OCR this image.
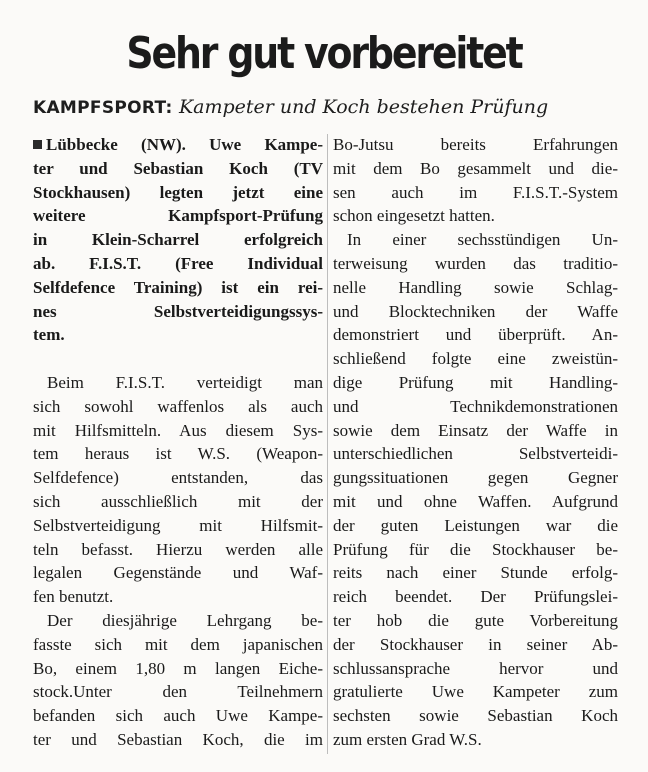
Sehr gut vorbereitet
KAMPFSPORT: Kampeter und Koch bestehen Prüfung
Lübbecke (NW). Uwe Kampe-
ter und Sebastian Koch (TV
Stockhausen) legten jetzt eine
weitere Kampfsport-Prüfung
in Klein-Scharrel erfolgreich
ab. F.I.S.T. (Free Individual
Selfdefence Training) ist ein rei-
nes Selbstverteidigungssys-
tem.
Beim F.I.S.T. verteidigt man
sich sowohl waffenlos als auch
mit Hilfsmitteln. Aus diesem Sys-
tem heraus ist W.S. (Weapon-
Selfdefence) entstanden, das
sich ausschließlich mit der
Selbstverteidigung mit Hilfsmit-
teln befasst. Hierzu werden alle
legalen Gegenstände und Waf-
fen benutzt.
Der diesjährige Lehrgang be-
fasste sich mit dem japanischen
Bo, einem 1,80 m langen Eiche-
stock.Unter den Teilnehmern
befanden sich auch Uwe Kampe-
ter und Sebastian Koch, die im
Bo-Jutsu bereits Erfahrungen
mit dem Bo gesammelt und die-
sen auch im F.I.S.T.-System
schon eingesetzt hatten.
In einer sechsstündigen Un-
terweisung wurden das traditio-
nelle Handling sowie Schlag-
und Blocktechniken der Waffe
demonstriert und überprüft. An-
schließend folgte eine zweistün-
dige Prüfung mit Handling-
und Technikdemonstrationen
sowie dem Einsatz der Waffe in
unterschiedlichen Selbstverteidi-
gungssituationen gegen Gegner
mit und ohne Waffen. Aufgrund
der guten Leistungen war die
Prüfung für die Stockhauser be-
reits nach einer Stunde erfolg-
reich beendet. Der Prüfungslei-
ter hob die gute Vorbereitung
der Stockhauser in seiner Ab-
schlussansprache hervor und
gratulierte Uwe Kampeter zum
sechsten sowie Sebastian Koch
zum ersten Grad W.S.
